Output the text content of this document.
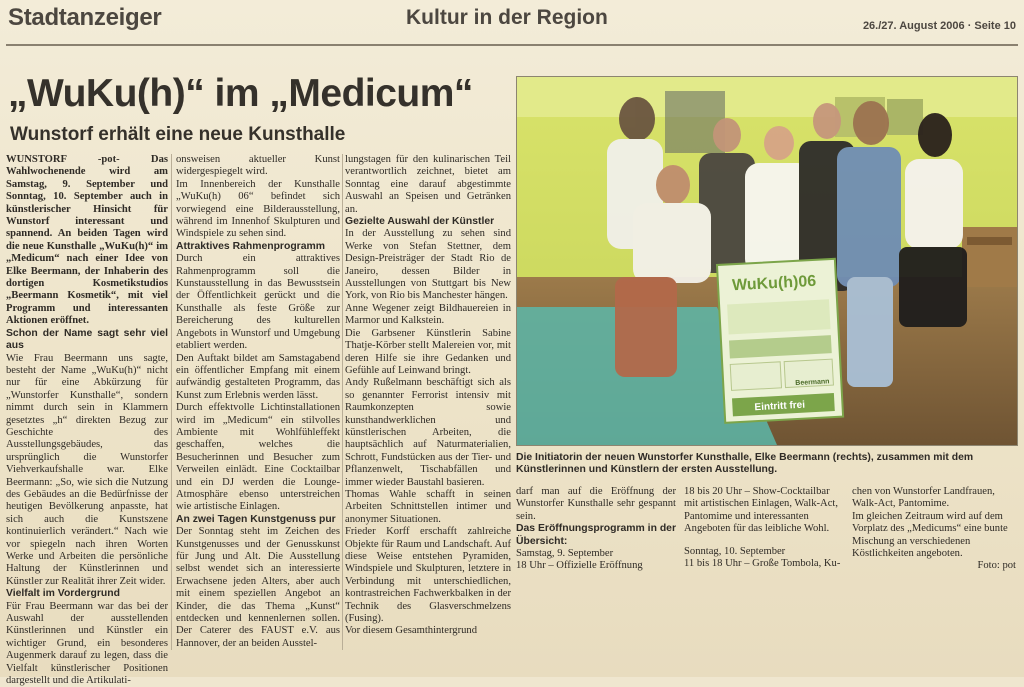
Stadtanzeiger	Kultur in der Region	26./27. August 2006 · Seite 10
„WuKu(h)“ im „Medicum“
Wunstorf erhält eine neue Kunsthalle

WUNSTORF -pot- Das Wahlwochenende wird am Samstag, 9. September und Sonntag, 10. September auch in künstlerischer Hinsicht für Wunstorf interessant und spannend. An beiden Tagen wird die neue Kunsthalle „WuKu(h)“ im „Medicum“ nach einer Idee von Elke Beermann, der Inhaberin des dortigen Kosmetikstudios „Beermann Kosmetik“, mit viel Programm und interessanten Aktionen eröffnet.

Schon der Name sagt sehr viel aus

Wie Frau Beermann uns sagte, besteht der Name „WuKu(h)“ nicht nur für eine Abkürzung für „Wunstorfer Kunsthalle“, sondern nimmt durch sein in Klammern gesetztes „h“ direkten Bezug zur Geschichte des Ausstellungsgebäudes, das ursprünglich die Wunstorfer Viehverkaufshalle war. Elke Beermann: „So, wie sich die Nutzung des Gebäudes an die Bedürfnisse der heutigen Bevölkerung anpasste, hat sich auch die Kunstszene kontinuierlich verändert.“ Nach wie vor spiegeln nach ihren Worten Werke und Arbeiten die persönliche Haltung der Künstlerinnen und Künstler zur Realität ihrer Zeit wider.

Vielfalt im Vordergrund

Für Frau Beermann war das bei der Auswahl der ausstellenden Künstlerinnen und Künstler ein wichtiger Grund, ein besonderes Augenmerk darauf zu legen, dass die Vielfalt künstlerischer Positionen dargestellt und die Artikulati-

onsweisen aktueller Kunst widergespiegelt wird.

Im Innenbereich der Kunsthalle „WuKu(h) 06“ befindet sich vorwiegend eine Bilderausstellung, während im Innenhof Skulpturen und Windspiele zu sehen sind.

Attraktives Rahmenprogramm

Durch ein attraktives Rahmenprogramm soll die Kunstausstellung in das Bewusstsein der Öffentlichkeit gerückt und die Kunsthalle als feste Größe zur Bereicherung des kulturellen Angebots in Wunstorf und Umgebung etabliert werden.

Den Auftakt bildet am Samstagabend ein öffentlicher Empfang mit einem aufwändig gestalteten Programm, das Kunst zum Erlebnis werden lässt.

Durch effektvolle Lichtinstallationen wird im „Medicum“ ein stilvolles Ambiente mit Wohlfühleffekt geschaffen, welches die Besucherinnen und Besucher zum Verweilen einlädt. Eine Cocktailbar und ein DJ werden die Lounge-Atmosphäre ebenso unterstreichen wie artistische Einlagen.

An zwei Tagen Kunstgenuss pur

Der Sonntag steht im Zeichen des Kunstgenusses und der Genusskunst für Jung und Alt. Die Ausstellung selbst wendet sich an interessierte Erwachsene jeden Alters, aber auch mit einem speziellen Angebot an Kinder, die das Thema „Kunst“ entdecken und kennenlernen sollen. Der Caterer des FAUST e.V. aus Hannover, der an beiden Ausstel-

lungstagen für den kulinarischen Teil verantwortlich zeichnet, bietet am Sonntag eine darauf abgestimmte Auswahl an Speisen und Getränken an.

Gezielte Auswahl der Künstler

In der Ausstellung zu sehen sind Werke von Stefan Stettner, dem Design-Preisträger der Stadt Rio de Janeiro, dessen Bilder in Ausstellungen von Stuttgart bis New York, von Rio bis Manchester hängen.

Anne Wegener zeigt Bildhauereien in Marmor und Kalkstein.

Die Garbsener Künstlerin Sabine Thatje-Körber stellt Malereien vor, mit deren Hilfe sie ihre Gedanken und Gefühle auf Leinwand bringt.

Andy Rußelmann beschäftigt sich als so genannter Ferrorist intensiv mit Raumkonzepten sowie kunsthandwerklichen und künstlerischen Arbeiten, die hauptsächlich auf Naturmaterialien, Schrott, Fundstücken aus der Tier- und Pflanzenwelt, Tischabfällen und immer wieder Baustahl basieren.

Thomas Wahle schafft in seinen Arbeiten Schnittstellen intimer und anonymer Situationen.

Frieder Korff erschafft zahlreiche Objekte für Raum und Landschaft. Auf diese Weise entstehen Pyramiden, Windspiele und Skulpturen, letztere in Verbindung mit unterschiedlichen, kontrastreichen Fachwerkbalken in der Technik des Glasverschmelzens (Fusing).

Vor diesem Gesamthintergrund

WuKu(h)06
Beermann
Eintritt frei
Die Initiatorin der neuen Wunstorfer Kunsthalle, Elke Beermann (rechts), zusammen mit dem Künstlerinnen und Künstlern der ersten Ausstellung.

darf man auf die Eröffnung der Wunstorfer Kunsthalle sehr gespannt sein.

Das Eröffnungsprogramm in der Übersicht:

Samstag, 9. September

18 Uhr – Offizielle Eröffnung

18 bis 20 Uhr – Show-Cocktailbar mit artistischen Einlagen, Walk-Act, Pantomime und interessanten Angeboten für das leibliche Wohl.

Sonntag, 10. September

11 bis 18 Uhr – Große Tombola, Ku-

chen von Wunstorfer Landfrauen, Walk-Act, Pantomime.

Im gleichen Zeitraum wird auf dem Vorplatz des „Medicums“ eine bunte Mischung an verschiedenen Köstlichkeiten angeboten.

Foto: pot
